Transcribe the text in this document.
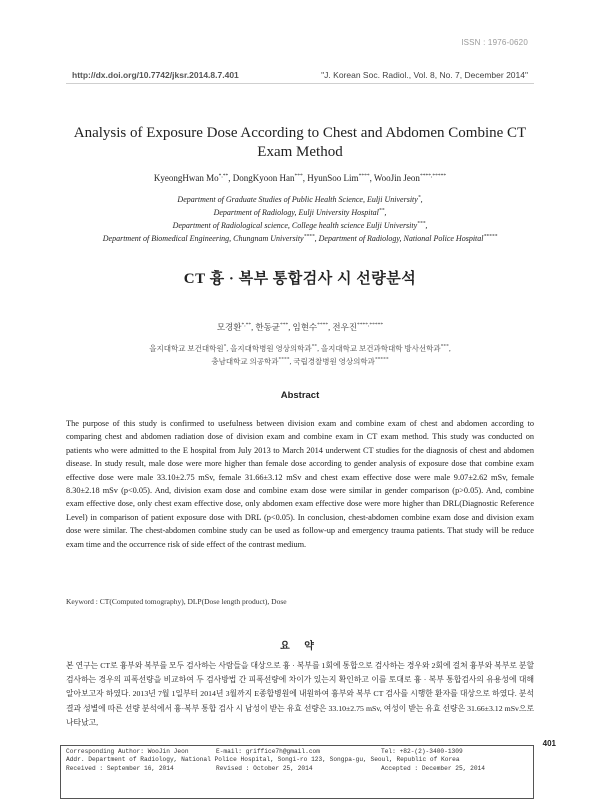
ISSN : 1976-0620
http://dx.doi.org/10.7742/jksr.2014.8.7.401	"J. Korean Soc. Radiol., Vol. 8, No. 7, December 2014"
Analysis of Exposure Dose According to Chest and Abdomen Combine CT
Exam Method
KyeongHwan Mo*,**, DongKyoon Han***, HyunSoo Lim****, WooJin Jeon****,*****
Department of Graduate Studies of Public Health Science, Eulji University*,
Department of Radiology, Eulji University Hospital**,
Department of Radiological science, College health science Eulji University***,
Department of Biomedical Engineering, Chungnam University****, Department of Radiology, National Police Hospital*****
CT 흉 · 복부 통합검사 시 선량분석
모경환*,**, 한동균***, 임현수****, 전우진****,*****
을지대학교 보건대학원*, 을지대학병원 영상의학과**, 을지대학교 보건과학대학 방사선학과***,
충남대학교 의공학과****, 국립경찰병원 영상의학과*****
Abstract
The purpose of this study is confirmed to usefulness between division exam and combine exam of chest and abdomen according to comparing chest and abdomen radiation dose of division exam and combine exam in CT exam method. This study was conducted on patients who were admitted to the E hospital from July 2013 to March 2014 underwent CT studies for the diagnosis of chest and abdomen disease. In study result, male dose were more higher than female dose according to gender analysis of exposure dose that combine exam effective dose were male 33.10±2.75 mSv, female 31.66±3.12 mSv and chest exam effective dose were male 9.07±2.62 mSv, female 8.30±2.18 mSv (p<0.05). And, division exam dose and combine exam dose were similar in gender comparison (p>0.05). And, combine exam effective dose, only chest exam effective dose, only abdomen exam effective dose were more higher than DRL(Diagnostic Reference Level) in comparison of patient exposure dose with DRL (p<0.05). In conclusion, chest-abdomen combine exam dose and division exam dose were similar. The chest-abdomen combine study can be used as follow-up and emergency trauma patients. That study will be reduce exam time and the occurrence risk of side effect of the contrast medium.
Keyword : CT(Computed tomography), DLP(Dose length product), Dose
요 약
본 연구는 CT로 흉부와 복부를 모두 검사하는 사람들을 대상으로 흉 · 복부를 1회에 통합으로 검사하는 경우와 2회에 걸쳐 흉부와 복부로 분할 검사하는 경우의 피폭선량을 비교하여 두 검사방법 간 피폭선량에 차이가 있는지 확인하고 이를 토대로 흉 · 복부 통합검사의 유용성에 대해 알아보고자 하였다. 2013년 7월 1일부터 2014년 3월까지 E종합병원에 내원하여 흉부와 복부 CT 검사를 시행한 환자를 대상으로 하였다. 분석결과 성별에 따른 선량 분석에서 흉·복부 통합 검사 시 남성이 받는 유효 선량은 33.10±2.75 mSv, 여성이 받는 유효 선량은 31.66±3.12 mSv으로 나타났고,
401
Corresponding Author: WooJin Jeon	E-mail: griffice7h@gmail.com	Tel: +82-(2)-3400-1309
Addr. Department of Radiology, National Police Hospital, Songi-ro 123, Songpa-gu, Seoul, Republic of Korea
Received : September 16, 2014	Revised : October 25, 2014	Accepted : December 25, 2014
